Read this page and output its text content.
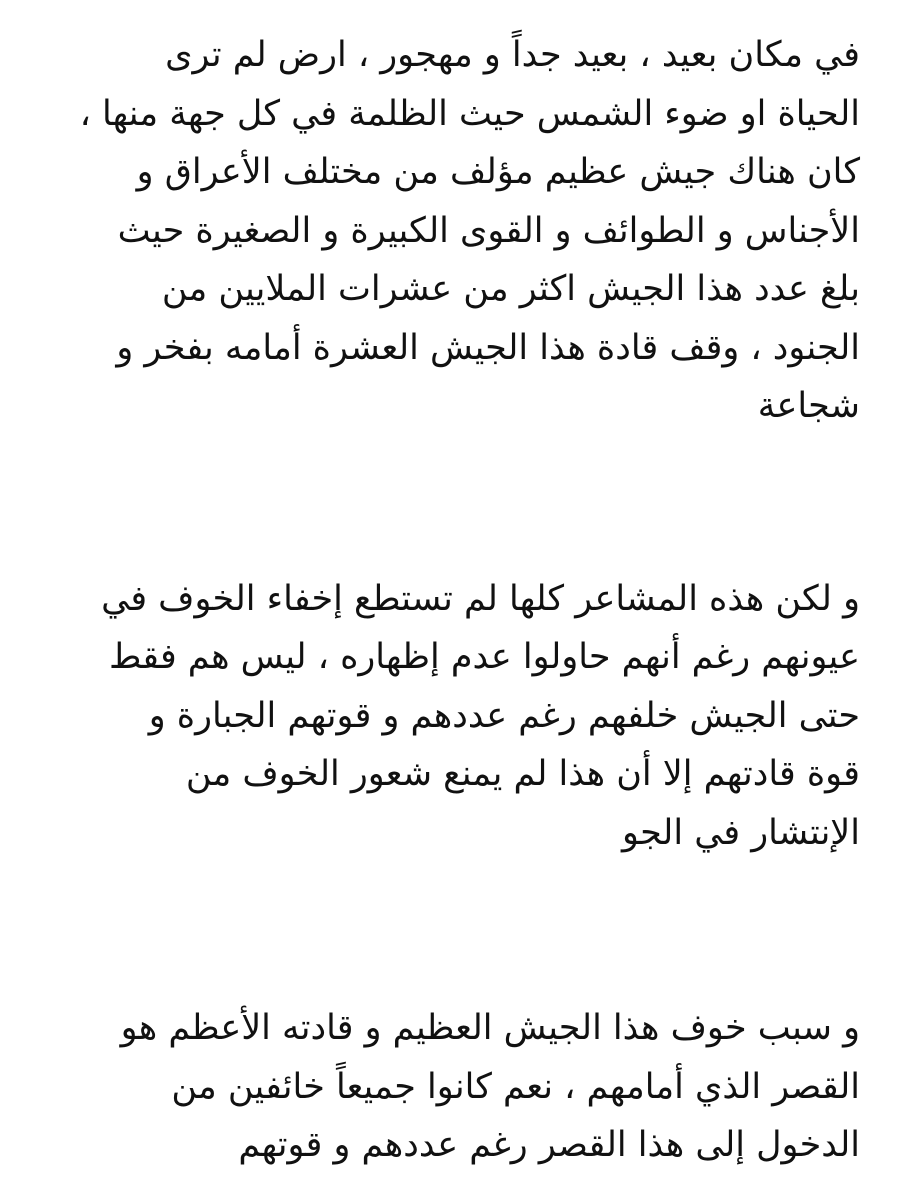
في مكان بعيد ، بعيد جداً و مهجور ، ارض لم ترى
الحياة او ضوء الشمس حيث الظلمة في كل جهة منها ،
كان هناك جيش عظيم مؤلف من مختلف الأعراق و
الأجناس و الطوائف و القوى الكبيرة و الصغيرة حيث
بلغ عدد هذا الجيش اكثر من عشرات الملايين من
الجنود ، وقف قادة هذا الجيش العشرة أمامه بفخر و
شجاعة

و لكن هذه المشاعر كلها لم تستطع إخفاء الخوف في
عيونهم رغم أنهم حاولوا عدم إظهاره ، ليس هم فقط
حتى الجيش خلفهم رغم عددهم و قوتهم الجبارة و
قوة قادتهم إلا أن هذا لم يمنع شعور الخوف من
الإنتشار في الجو

و سبب خوف هذا الجيش العظيم و قادته الأعظم هو
القصر الذي أمامهم ، نعم كانوا جميعاً خائفين من
الدخول إلى هذا القصر رغم عددهم و قوتهم
